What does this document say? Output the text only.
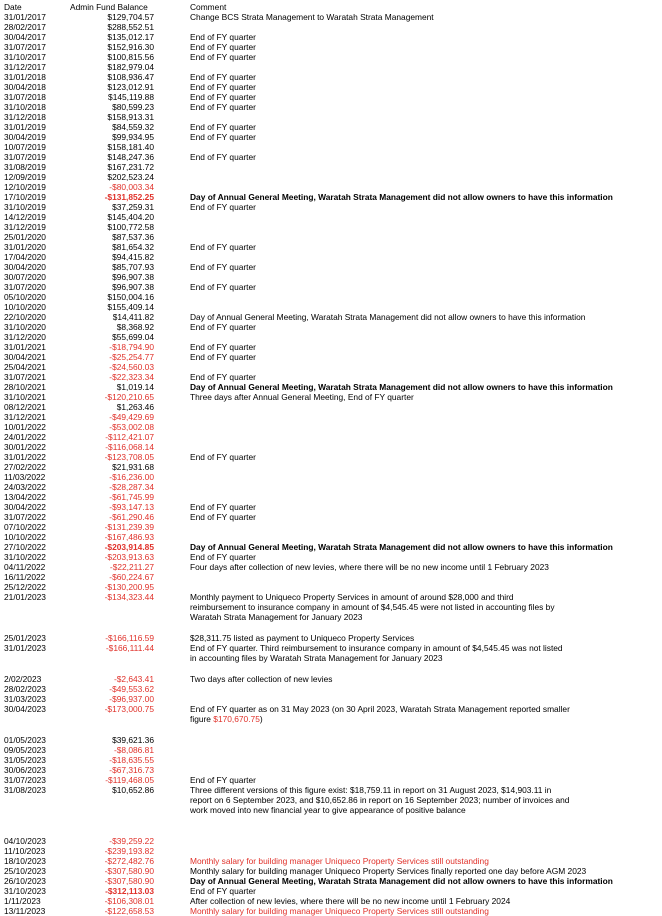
Date	Admin Fund Balance	Comment
31/01/2017	$129,704.57	Change BCS Strata Management to Waratah Strata Management
28/02/2017	$288,552.51
30/04/2017	$135,012.17	End of FY quarter
31/07/2017	$152,916.30	End of FY quarter
31/10/2017	$100,815.56	End of FY quarter
31/12/2017	$182,979.04
31/01/2018	$108,936.47	End of FY quarter
30/04/2018	$123,012.91	End of FY quarter
31/07/2018	$145,119.88	End of FY quarter
31/10/2018	$80,599.23	End of FY quarter
31/12/2018	$158,913.31
31/01/2019	$84,559.32	End of FY quarter
30/04/2019	$99,934.95	End of FY quarter
10/07/2019	$158,181.40
31/07/2019	$148,247.36	End of FY quarter
31/08/2019	$167,231.72
12/09/2019	$202,523.24
12/10/2019	-$80,003.34
17/10/2019	-$131,852.25	Day of Annual General Meeting, Waratah Strata Management did not allow owners to have this information
31/10/2019	$37,259.31	End of FY quarter
14/12/2019	$145,404.20
31/12/2019	$100,772.58
25/01/2020	$87,537.36
31/01/2020	$81,654.32	End of FY quarter
17/04/2020	$94,415.82
30/04/2020	$85,707.93	End of FY quarter
30/07/2020	$96,907.38
31/07/2020	$96,907.38	End of FY quarter
05/10/2020	$150,004.16
10/10/2020	$155,409.14
22/10/2020	$14,411.82	Day of Annual General Meeting, Waratah Strata Management did not allow owners to have this information
31/10/2020	$8,368.92	End of FY quarter
31/12/2020	$55,699.04
31/01/2021	-$18,794.90	End of FY quarter
30/04/2021	-$25,254.77	End of FY quarter
25/04/2021	-$24,560.03
31/07/2021	-$22,323.34	End of FY quarter
28/10/2021	$1,019.14	Day of Annual General Meeting, Waratah Strata Management did not allow owners to have this information
31/10/2021	-$120,210.65	Three days after Annual General Meeting, End of FY quarter
08/12/2021	$1,263.46
31/12/2021	-$49,429.69
10/01/2022	-$53,002.08
24/01/2022	-$112,421.07
30/01/2022	-$116,068.14
31/01/2022	-$123,708.05	End of FY quarter
27/02/2022	$21,931.68
11/03/2022	-$16,236.00
24/03/2022	-$28,287.34
13/04/2022	-$61,745.99
30/04/2022	-$93,147.13	End of FY quarter
31/07/2022	-$61,290.46	End of FY quarter
07/10/2022	-$131,239.39
10/10/2022	-$167,486.93
27/10/2022	-$203,914.85	Day of Annual General Meeting, Waratah Strata Management did not allow owners to have this information
31/10/2022	-$203,913.63	End of FY quarter
04/11/2022	-$22,211.27	Four days after collection of new levies, where there will be no new income until 1 February 2023
16/11/2022	-$60,224.67
25/12/2022	-$130,200.95
21/01/2023	-$134,323.44	Monthly payment to Uniqueco Property Services in amount of around $28,000 and third reimbursement to insurance company in amount of $4,545.45 were not listed in accounting files by Waratah Strata Management for January 2023
25/01/2023	-$166,116.59	$28,311.75 listed as payment to Uniqueco Property Services
31/01/2023	-$166,111.44	End of FY quarter. Third reimbursement to insurance company in amount of $4,545.45 was not listed in accounting files by Waratah Strata Management for January 2023
2/02/2023	-$2,643.41	Two days after collection of new levies
28/02/2023	-$49,553.62
31/03/2023	-$96,937.00
30/04/2023	-$173,000.75	End of FY quarter as on 31 May 2023 (on 30 April 2023, Waratah Strata Management reported smaller figure $170,670.75)
01/05/2023	$39,621.36
09/05/2023	-$8,086.81
31/05/2023	-$18,635.55
30/06/2023	-$67,316.73
31/07/2023	-$119,468.05	End of FY quarter
31/08/2023	$10,652.86	Three different versions of this figure exist: $18,759.11 in report on 31 August 2023, $14,903.11 in report on 6 September 2023, and $10,652.86 in report on 16 September 2023; number of invoices and work moved into new financial year to give appearance of positive balance
04/10/2023	-$39,259.22
11/10/2023	-$239,193.82
18/10/2023	-$272,482.76	Monthly salary for building manager Uniqueco Property Services still outstanding
25/10/2023	-$307,580.90	Monthly salary for building manager Uniqueco Property Services finally reported one day before AGM 2023
26/10/2023	-$307,580.90	Day of Annual General Meeting, Waratah Strata Management did not allow owners to have this information
31/10/2023	-$312,113.03	End of FY quarter
1/11/2023	-$106,308.01	After collection of new levies, where there will be no new income until 1 February 2024
13/11/2023	-$122,658.53	Monthly salary for building manager Uniqueco Property Services still outstanding
